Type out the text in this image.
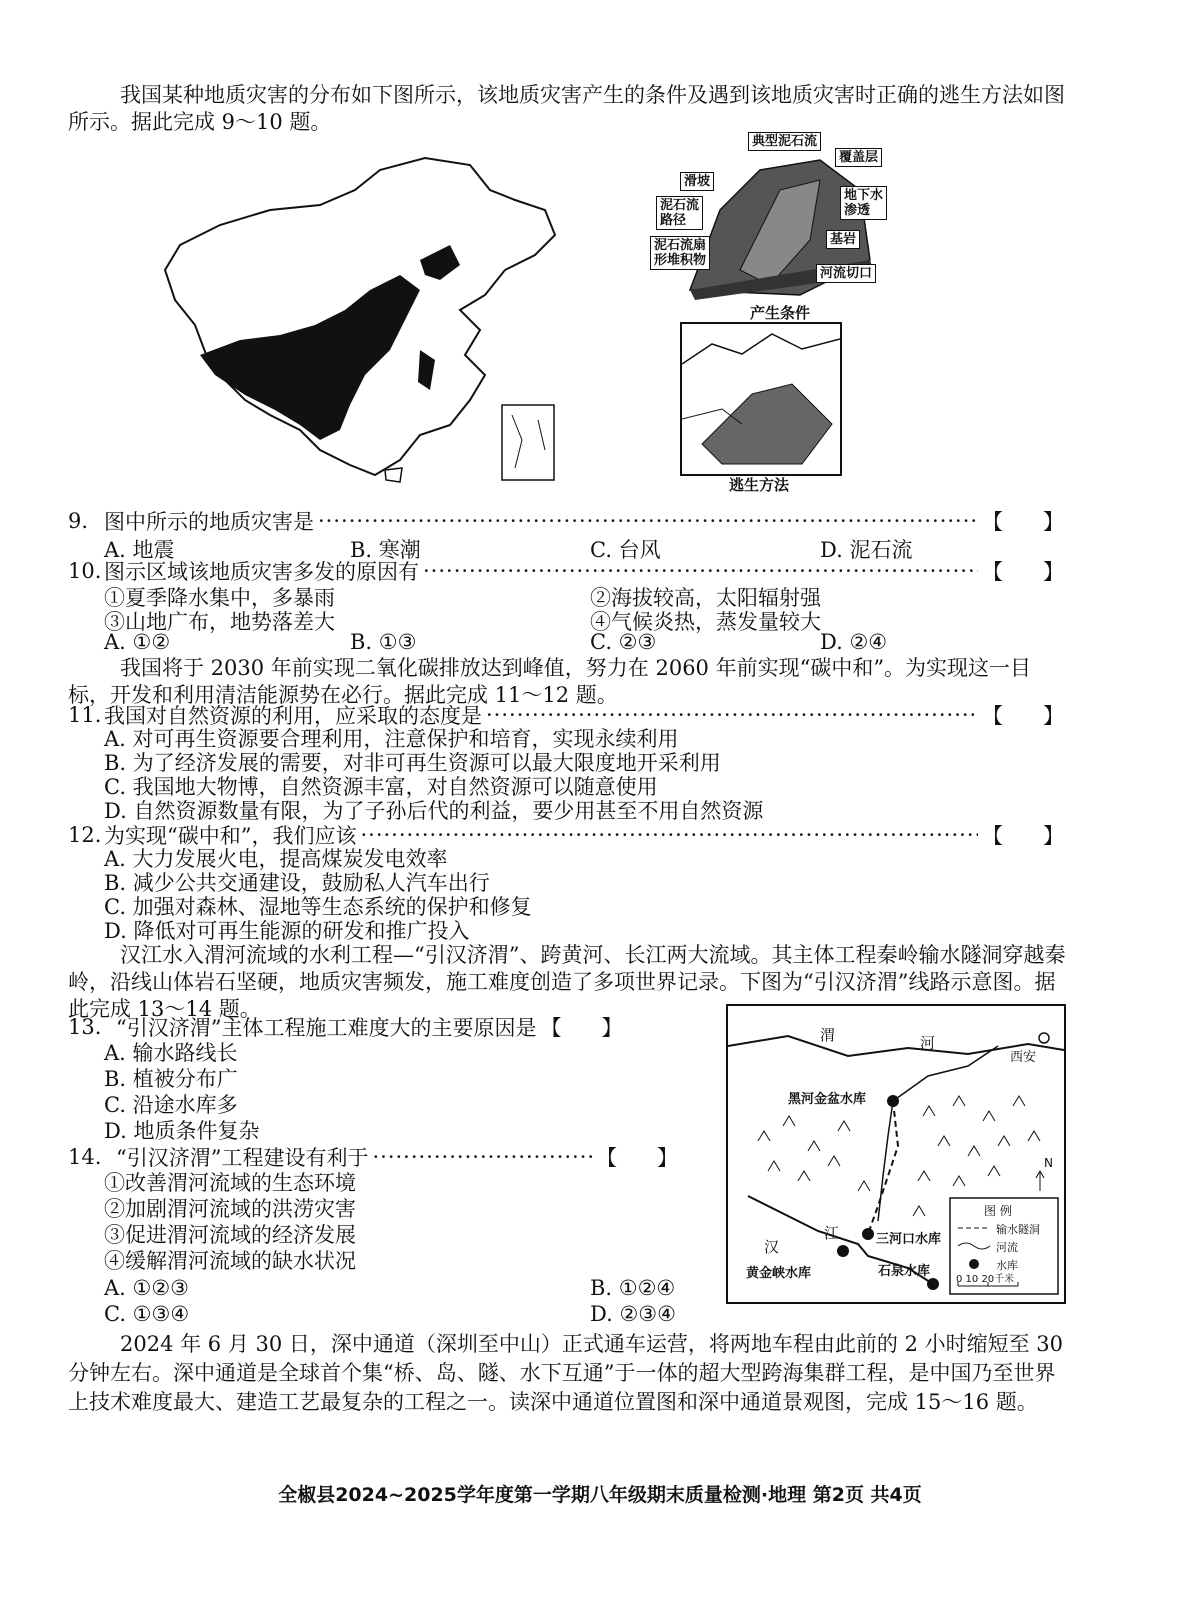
我国某种地质灾害的分布如下图所示，该地质灾害产生的条件及遇到该地质灾害时正确的逃生方法如图所示。据此完成 9～10 题。
典型泥石流
覆盖层
滑坡
泥石流
路径
地下水
渗透
泥石流扇
形堆积物
基岩
河流切口
产生条件
逃生方法
9. 图中所示的地质灾害是 ·····	【 】
A. 地震	B. 寒潮	C. 台风	D. 泥石流
10. 图示区域该地质灾害多发的原因有 ·····	【 】
①夏季降水集中，多暴雨	②海拔较高，太阳辐射强
③山地广布，地势落差大	④气候炎热，蒸发量较大
A. ①②	B. ①③	C. ②③	D. ②④
我国将于 2030 年前实现二氧化碳排放达到峰值，努力在 2060 年前实现“碳中和”。为实现这一目标，开发和利用清洁能源势在必行。据此完成 11～12 题。
11. 我国对自然资源的利用，应采取的态度是 ·····	【 】
A. 对可再生资源要合理利用，注意保护和培育，实现永续利用
B. 为了经济发展的需要，对非可再生资源可以最大限度地开采利用
C. 我国地大物博，自然资源丰富，对自然资源可以随意使用
D. 自然资源数量有限，为了子孙后代的利益，要少用甚至不用自然资源
12. 为实现“碳中和”，我们应该 ·····	【 】
A. 大力发展火电，提高煤炭发电效率
B. 减少公共交通建设，鼓励私人汽车出行
C. 加强对森林、湿地等生态系统的保护和修复
D. 降低对可再生能源的研发和推广投入
汉江水入渭河流域的水利工程—“引汉济渭”、跨黄河、长江两大流域。其主体工程秦岭输水隧洞穿越秦岭，沿线山体岩石坚硬，地质灾害频发，施工难度创造了多项世界记录。下图为“引汉济渭”线路示意图。据此完成 13～14 题。
13. “引汉济渭”主体工程施工难度大的主要原因是 【 】
A. 输水路线长
B. 植被分布广
C. 沿途水库多
D. 地质条件复杂
14. “引汉济渭”工程建设有利于 ·····	【 】
①改善渭河流域的生态环境
②加剧渭河流域的洪涝灾害
③促进渭河流域的经济发展
④缓解渭河流域的缺水状况
A. ①②③	B. ①②④
C. ①③④	D. ②③④
渭	河
西安
黑河金盆水库
三河口水库
石泉水库
黄金峡水库
汉
江
N
图 例
输水隧洞
河流
水库
0 10 20千米
2024 年 6 月 30 日，深中通道（深圳至中山）正式通车运营，将两地车程由此前的 2 小时缩短至 30 分钟左右。深中通道是全球首个集“桥、岛、隧、水下互通”于一体的超大型跨海集群工程，是中国乃至世界上技术难度最大、建造工艺最复杂的工程之一。读深中通道位置图和深中通道景观图，完成 15～16 题。
全椒县2024~2025学年度第一学期八年级期末质量检测·地理 第2页 共4页
